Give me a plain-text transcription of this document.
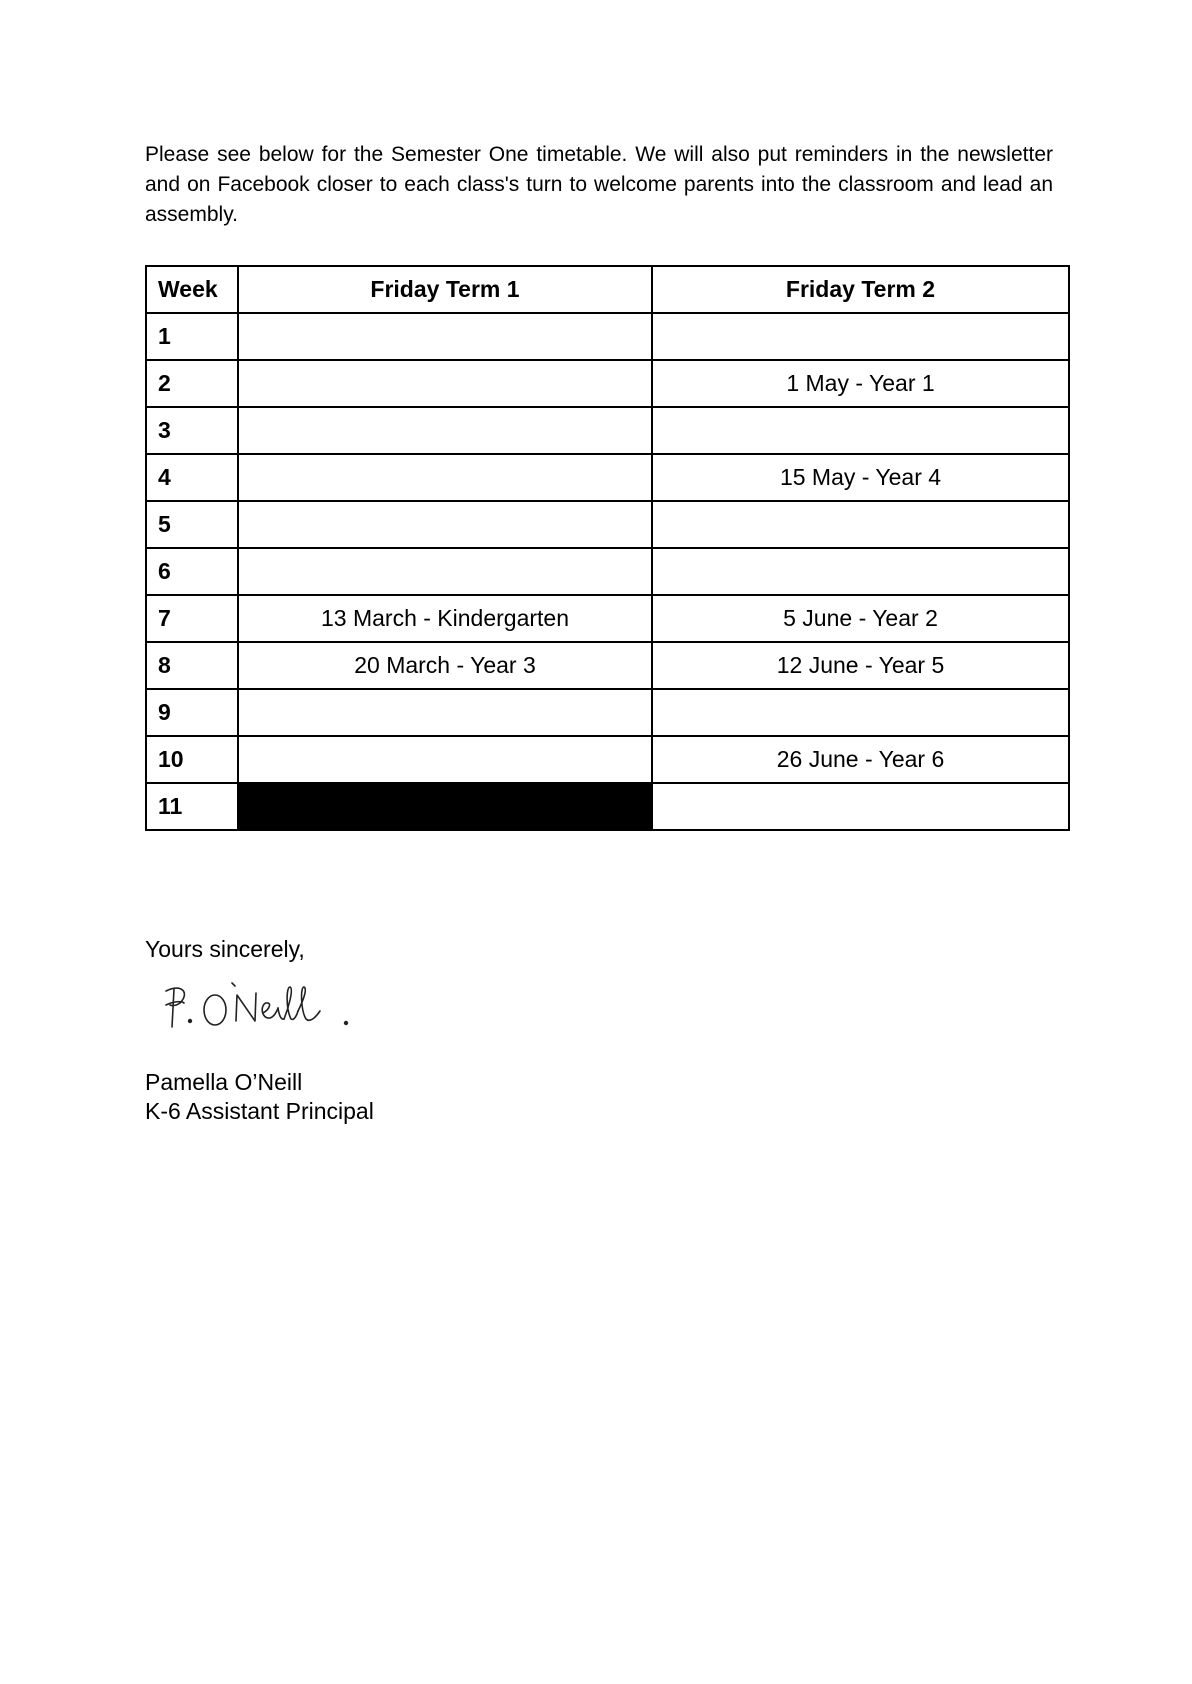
Please see below for the Semester One timetable. We will also put reminders in the newsletter and on Facebook closer to each class's turn to welcome parents into the classroom and lead an assembly.

Week	Friday Term 1	Friday Term 2
1		
2		1 May - Year 1
3		
4		15 May - Year 4
5		
6		
7	13 March - Kindergarten	5 June - Year 2
8	20 March - Year 3	12 June - Year 5
9		
10		26 June - Year 6
11		

Yours sincerely,

Pamella O’Neill

K-6 Assistant Principal
